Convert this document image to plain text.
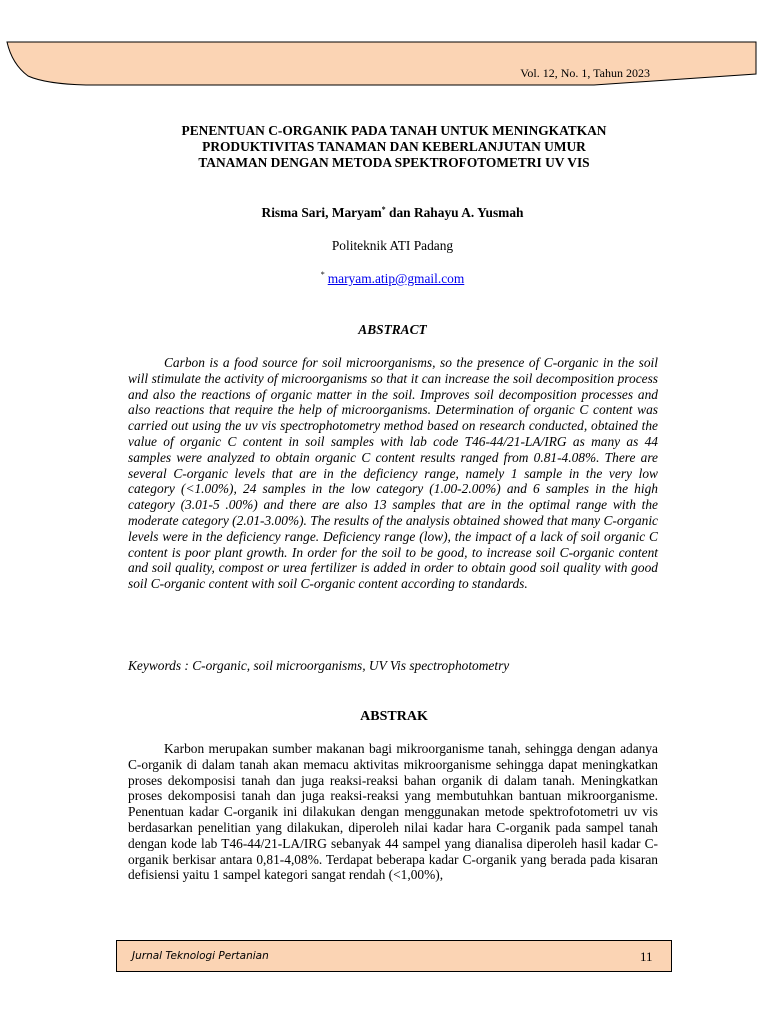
Vol. 12, No. 1, Tahun 2023
PENENTUAN C-ORGANIK PADA TANAH UNTUK MENINGKATKAN
PRODUKTIVITAS TANAMAN DAN KEBERLANJUTAN UMUR
TANAMAN DENGAN METODA SPEKTROFOTOMETRI UV VIS
Risma Sari, Maryam* dan Rahayu A. Yusmah
Politeknik ATI Padang
* maryam.atip@gmail.com
ABSTRACT

Carbon is a food source for soil microorganisms, so the presence of C-organic in the soil will stimulate the activity of microorganisms so that it can increase the soil decomposition process and also the reactions of organic matter in the soil. Improves soil decomposition processes and also reactions that require the help of microorganisms. Determination of organic C content was carried out using the uv vis spectrophotometry method based on research conducted, obtained the value of organic C content in soil samples with lab code T46-44/21-LA/IRG as many as 44 samples were analyzed to obtain organic C content results ranged from 0.81-4.08%. There are several C-organic levels that are in the deficiency range, namely 1 sample in the very low category (<1.00%), 24 samples in the low category (1.00-2.00%) and 6 samples in the high category (3.01-5 .00%) and there are also 13 samples that are in the optimal range with the moderate category (2.01-3.00%). The results of the analysis obtained showed that many C-organic levels were in the deficiency range. Deficiency range (low), the impact of a lack of soil organic C content is poor plant growth. In order for the soil to be good, to increase soil C-organic content and soil quality, compost or urea fertilizer is added in order to obtain good soil quality with good soil C-organic content with soil C-organic content according to standards.

Keywords : C-organic, soil microorganisms, UV Vis spectrophotometry
ABSTRAK

Karbon merupakan sumber makanan bagi mikroorganisme tanah, sehingga dengan adanya C-organik di dalam tanah akan memacu aktivitas mikroorganisme sehingga dapat meningkatkan proses dekomposisi tanah dan juga reaksi-reaksi bahan organik di dalam tanah. Meningkatkan proses dekomposisi tanah dan juga reaksi-reaksi yang membutuhkan bantuan mikroorganisme. Penentuan kadar C-organik ini dilakukan dengan menggunakan metode spektrofotometri uv vis berdasarkan penelitian yang dilakukan, diperoleh nilai kadar hara C-organik pada sampel tanah dengan kode lab T46-44/21-LA/IRG sebanyak 44 sampel yang dianalisa diperoleh hasil kadar C-organik berkisar antara 0,81-4,08%. Terdapat beberapa kadar C-organik yang berada pada kisaran defisiensi yaitu 1 sampel kategori sangat rendah (<1,00%),

Jurnal Teknologi Pertanian	11
